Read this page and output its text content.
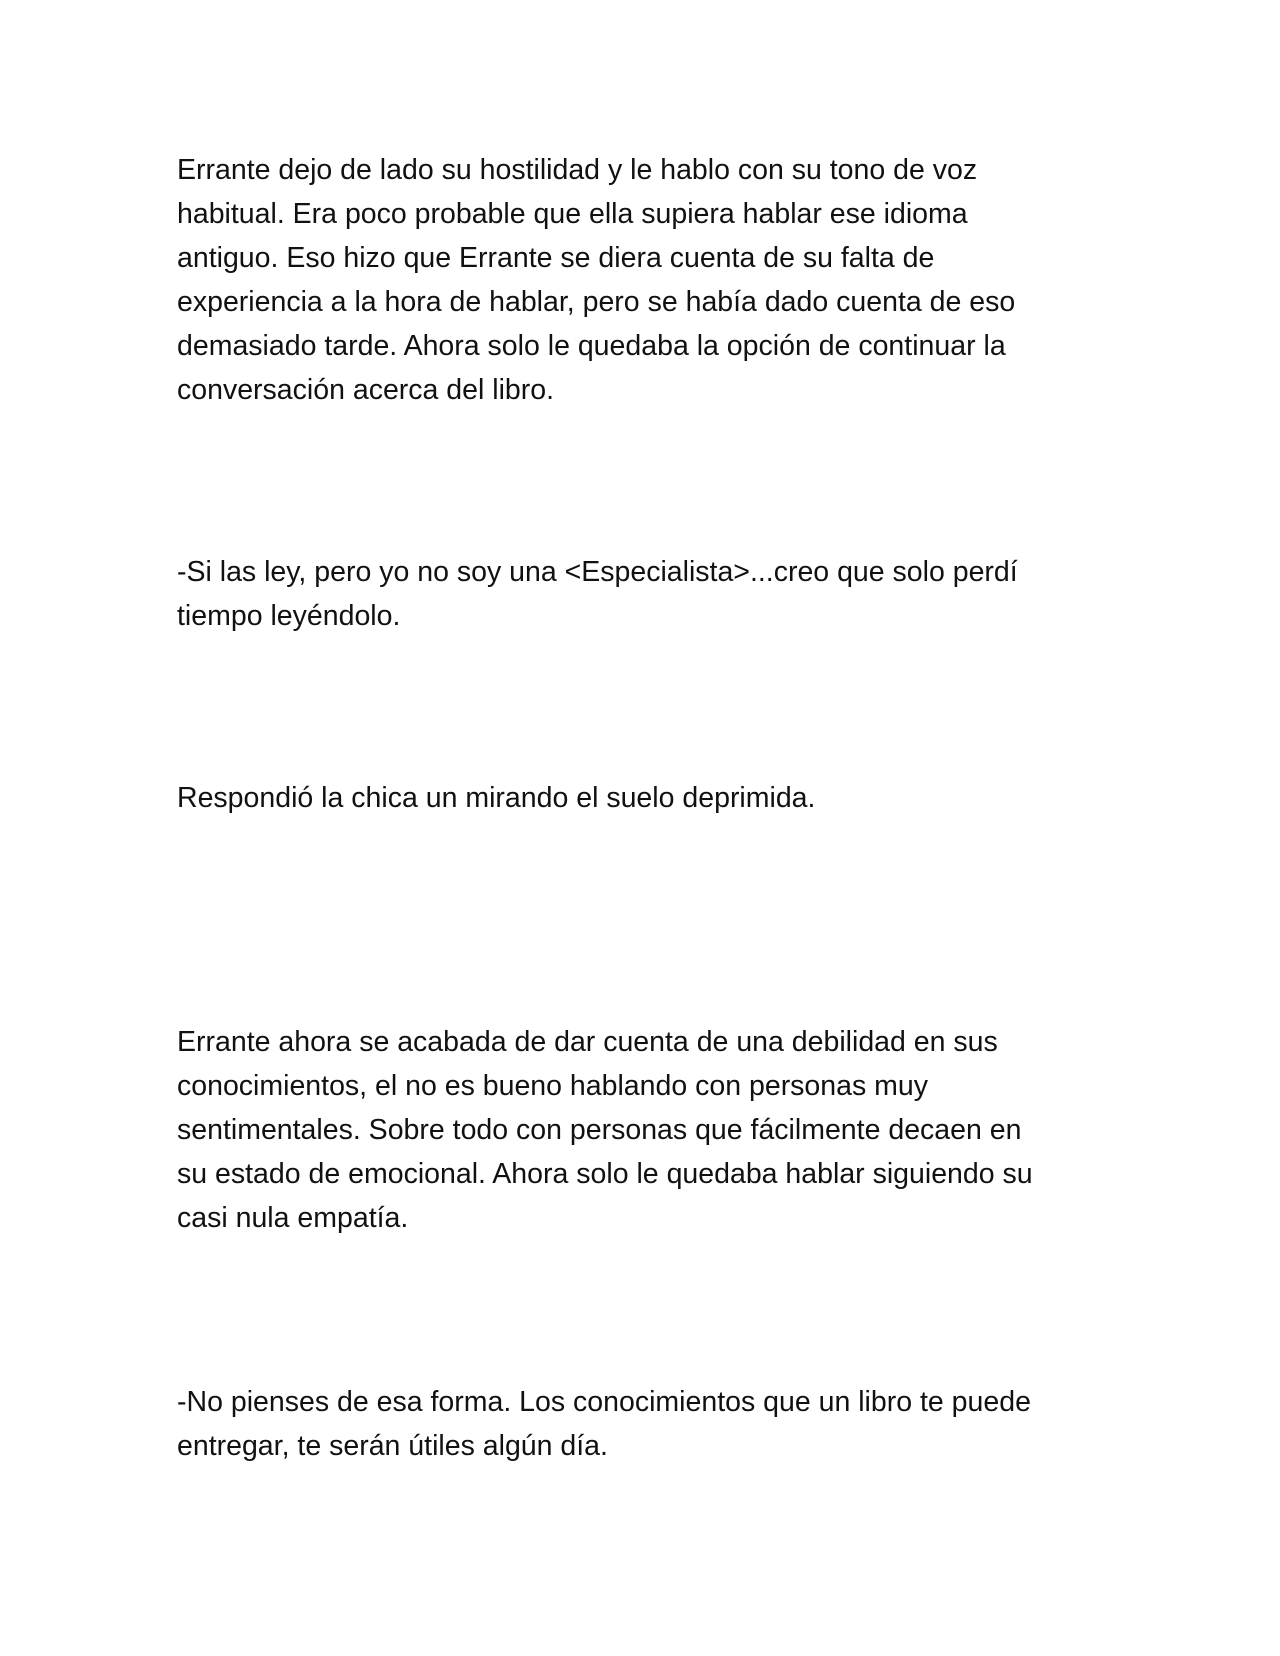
Errante dejo de lado su hostilidad y le hablo con su tono de voz
habitual. Era poco probable que ella supiera hablar ese idioma
antiguo. Eso hizo que Errante se diera cuenta de su falta de
experiencia a la hora de hablar, pero se había dado cuenta de eso
demasiado tarde. Ahora solo le quedaba la opción de continuar la
conversación acerca del libro.

-Si las ley, pero yo no soy una <Especialista>...creo que solo perdí
tiempo leyéndolo.

Respondió la chica un mirando el suelo deprimida.

Errante ahora se acabada de dar cuenta de una debilidad en sus
conocimientos, el no es bueno hablando con personas muy
sentimentales. Sobre todo con personas que fácilmente decaen en
su estado de emocional. Ahora solo le quedaba hablar siguiendo su
casi nula empatía.

-No pienses de esa forma. Los conocimientos que un libro te puede
entregar, te serán útiles algún día.
